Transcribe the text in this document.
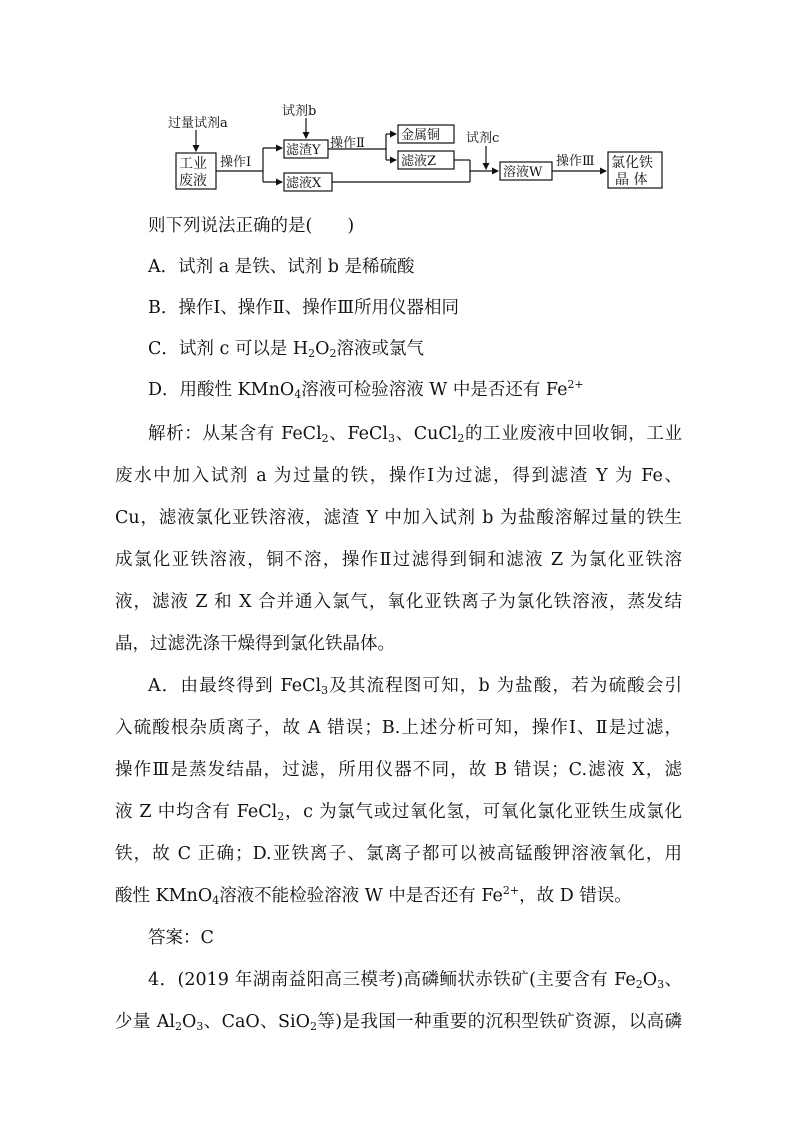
过量试剂a
工业
废液
操作Ⅰ
试剂b
滤渣Y
滤液X
操作Ⅱ
金属铜
滤液Z
试剂c
溶液W
操作Ⅲ 氯化铁
晶 体
则下列说法正确的是(　　)
A．试剂 a 是铁、试剂 b 是稀硫酸
B．操作Ⅰ、操作Ⅱ、操作Ⅲ所用仪器相同
C．试剂 c 可以是 $H_2O_2$溶液或氯气
D．用酸性 KMnO$_4$溶液可检验溶液 W 中是否还有 $Fe^{2+}$
解析：从某含有 FeCl$_2$、FeCl$_3$、CuCl$_2$的工业废液中回收铜，工业
废水中加入试剂 a 为过量的铁，操作Ⅰ为过滤，得到滤渣 Y 为 Fe、
Cu，滤液氯化亚铁溶液，滤渣 Y 中加入试剂 b 为盐酸溶解过量的铁生
成氯化亚铁溶液，铜不溶，操作Ⅱ过滤得到铜和滤液 Z 为氯化亚铁溶
液，滤液 Z 和 X 合并通入氯气，氧化亚铁离子为氯化铁溶液，蒸发结
晶，过滤洗涤干燥得到氯化铁晶体。
A．由最终得到 FeCl$_3$及其流程图可知，b 为盐酸，若为硫酸会引
入硫酸根杂质离子，故 A 错误；B.上述分析可知，操作Ⅰ、Ⅱ是过滤，
操作Ⅲ是蒸发结晶，过滤，所用仪器不同，故 B 错误；C.滤液 X，滤
液 Z 中均含有 FeCl$_2$，c 为氯气或过氧化氢，可氧化氯化亚铁生成氯化
铁，故 C 正确；D.亚铁离子、氯离子都可以被高锰酸钾溶液氧化，用
酸性 KMnO$_4$溶液不能检验溶液 W 中是否还有 $Fe^{2+}$，故 D 错误。
答案：C
4．(2019 年湖南益阳高三模考)高磷鲕状赤铁矿(主要含有 $Fe_2O_3$、
少量 $Al_2O_3$、CaO、SiO$_2$等)是我国一种重要的沉积型铁矿资源，以高磷
